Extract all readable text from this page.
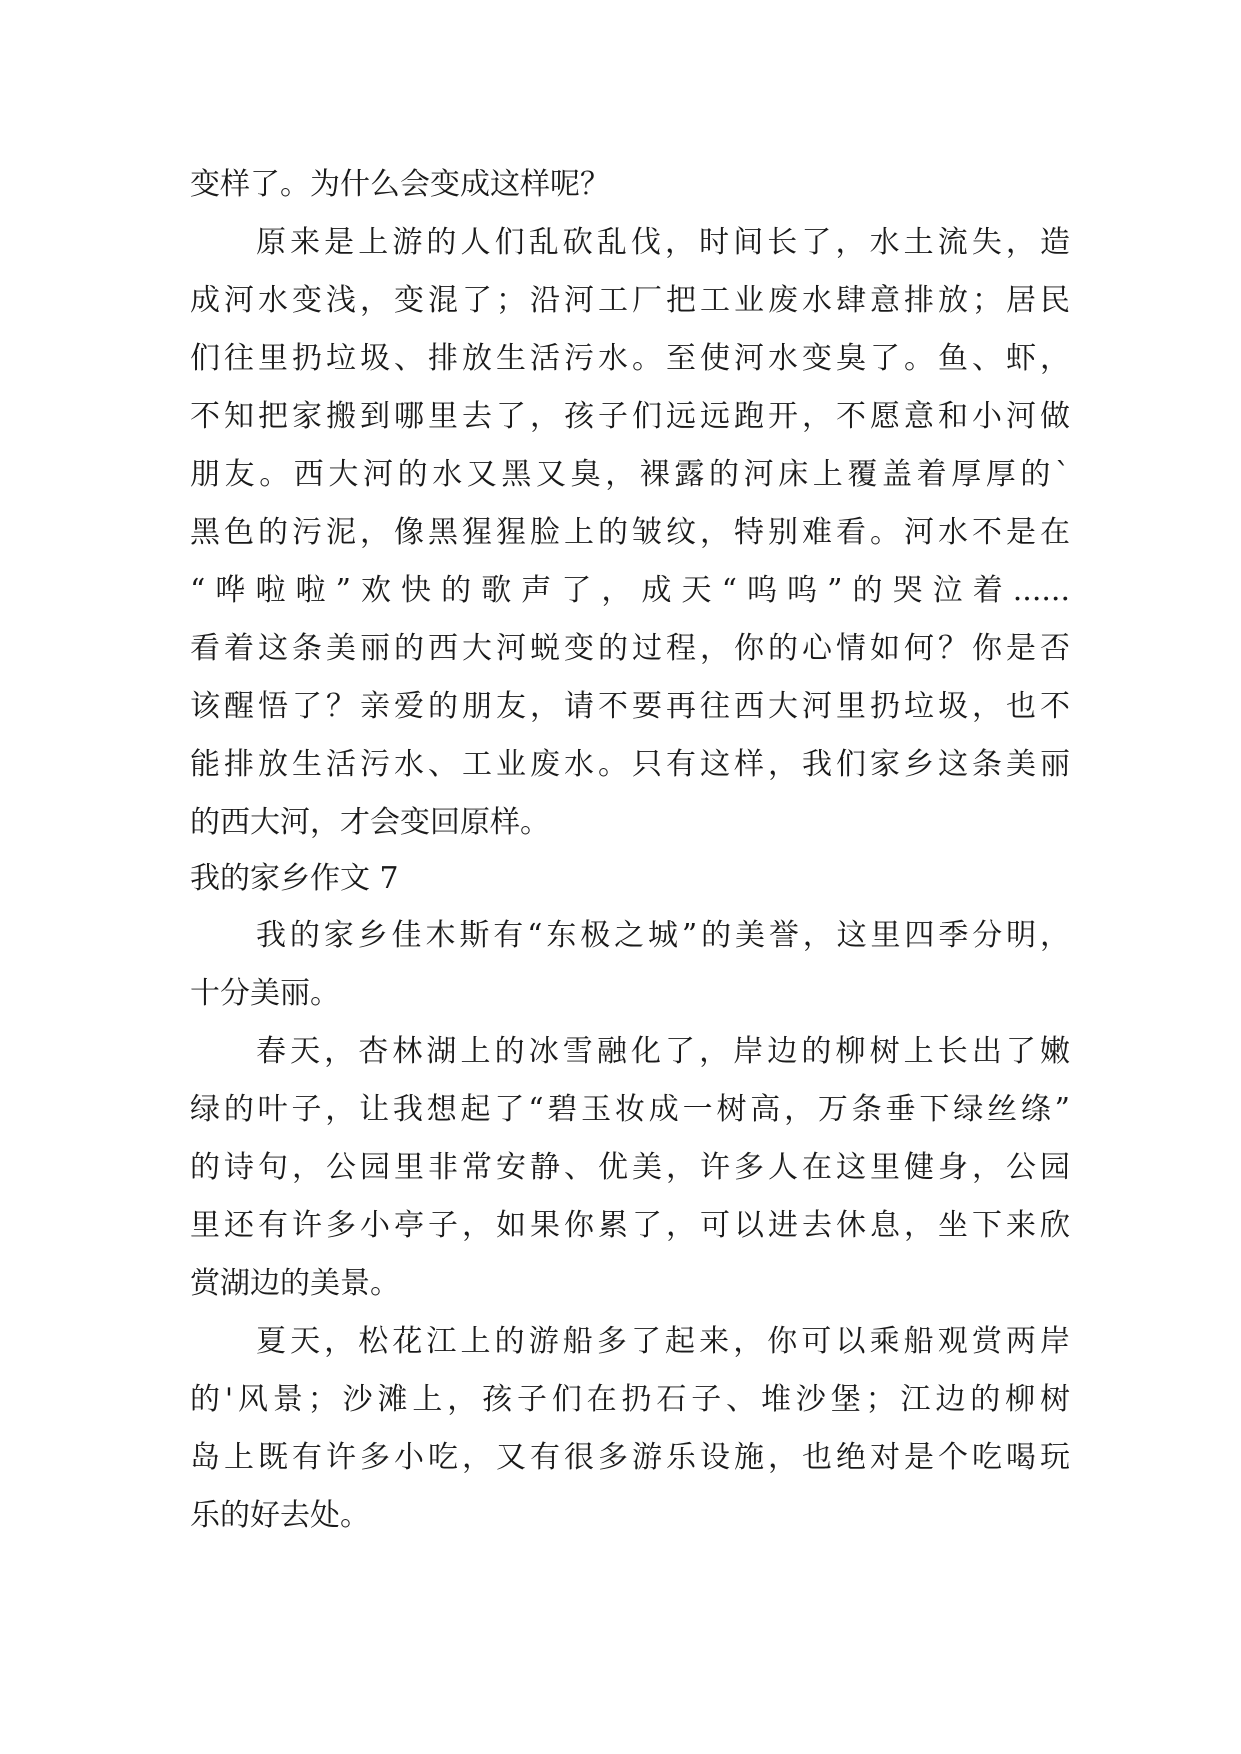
变样了。为什么会变成这样呢？
原来是上游的人们乱砍乱伐，时间长了，水土流失，造
成河水变浅，变混了；沿河工厂把工业废水肆意排放；居民
们往里扔垃圾、排放生活污水。至使河水变臭了。鱼、虾，
不知把家搬到哪里去了，孩子们远远跑开，不愿意和小河做
朋友。西大河的水又黑又臭，裸露的河床上覆盖着厚厚的`
黑色的污泥，像黑猩猩脸上的皱纹，特别难看。河水不是在
“哗啦啦”欢快的歌声了，成天“呜呜”的哭泣着......
看着这条美丽的西大河蜕变的过程，你的心情如何？你是否
该醒悟了？亲爱的朋友，请不要再往西大河里扔垃圾，也不
能排放生活污水、工业废水。只有这样，我们家乡这条美丽
的西大河，才会变回原样。
我的家乡作文 7
我的家乡佳木斯有“东极之城”的美誉，这里四季分明，
十分美丽。
春天，杏林湖上的冰雪融化了，岸边的柳树上长出了嫩
绿的叶子，让我想起了“碧玉妆成一树高，万条垂下绿丝绦”
的诗句，公园里非常安静、优美，许多人在这里健身，公园
里还有许多小亭子，如果你累了，可以进去休息，坐下来欣
赏湖边的美景。
夏天，松花江上的游船多了起来，你可以乘船观赏两岸
的'风景；沙滩上，孩子们在扔石子、堆沙堡；江边的柳树
岛上既有许多小吃，又有很多游乐设施，也绝对是个吃喝玩
乐的好去处。
